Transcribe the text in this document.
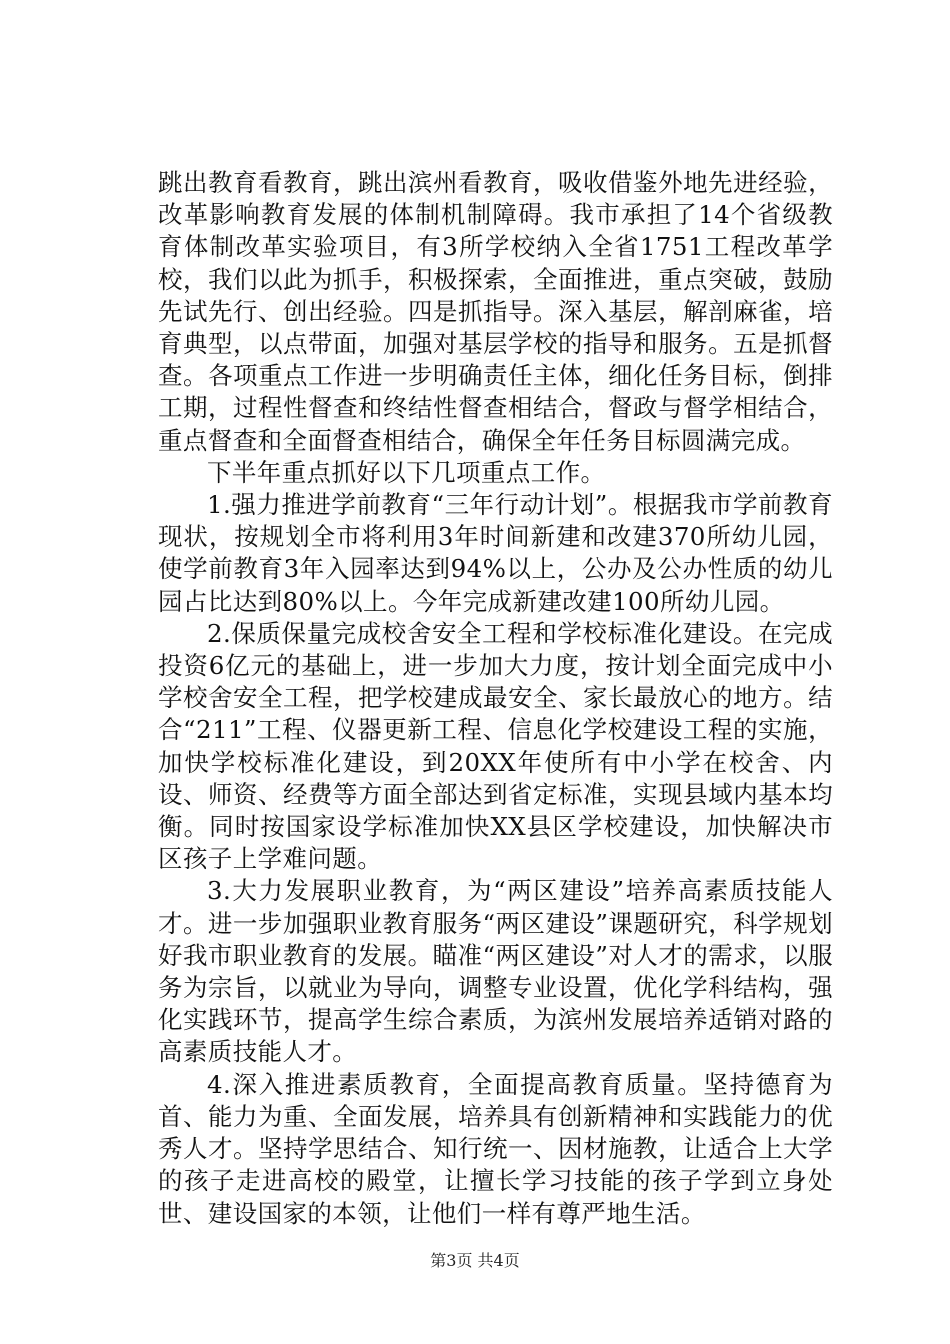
跳出教育看教育，跳出滨州看教育，吸收借鉴外地先进经验，改革影响教育发展的体制机制障碍。我市承担了14个省级教育体制改革实验项目，有3所学校纳入全省1751工程改革学校，我们以此为抓手，积极探索，全面推进，重点突破，鼓励先试先行、创出经验。四是抓指导。深入基层，解剖麻雀，培育典型，以点带面，加强对基层学校的指导和服务。五是抓督查。各项重点工作进一步明确责任主体，细化任务目标，倒排工期，过程性督查和终结性督查相结合，督政与督学相结合，重点督查和全面督查相结合，确保全年任务目标圆满完成。

下半年重点抓好以下几项重点工作。

1.强力推进学前教育“三年行动计划”。根据我市学前教育现状，按规划全市将利用3年时间新建和改建370所幼儿园，使学前教育3年入园率达到94%以上，公办及公办性质的幼儿园占比达到80%以上。今年完成新建改建100所幼儿园。

2.保质保量完成校舍安全工程和学校标准化建设。在完成投资6亿元的基础上，进一步加大力度，按计划全面完成中小学校舍安全工程，把学校建成最安全、家长最放心的地方。结合“211”工程、仪器更新工程、信息化学校建设工程的实施，加快学校标准化建设，到20XX年使所有中小学在校舍、内设、师资、经费等方面全部达到省定标准，实现县域内基本均衡。同时按国家设学标准加快XX县区学校建设，加快解决市区孩子上学难问题。

3.大力发展职业教育，为“两区建设”培养高素质技能人才。进一步加强职业教育服务“两区建设”课题研究，科学规划好我市职业教育的发展。瞄准“两区建设”对人才的需求，以服务为宗旨，以就业为导向，调整专业设置，优化学科结构，强化实践环节，提高学生综合素质，为滨州发展培养适销对路的高素质技能人才。

4.深入推进素质教育，全面提高教育质量。坚持德育为首、能力为重、全面发展，培养具有创新精神和实践能力的优秀人才。坚持学思结合、知行统一、因材施教，让适合上大学的孩子走进高校的殿堂，让擅长学习技能的孩子学到立身处世、建设国家的本领，让他们一样有尊严地生活。

第3页 共4页
